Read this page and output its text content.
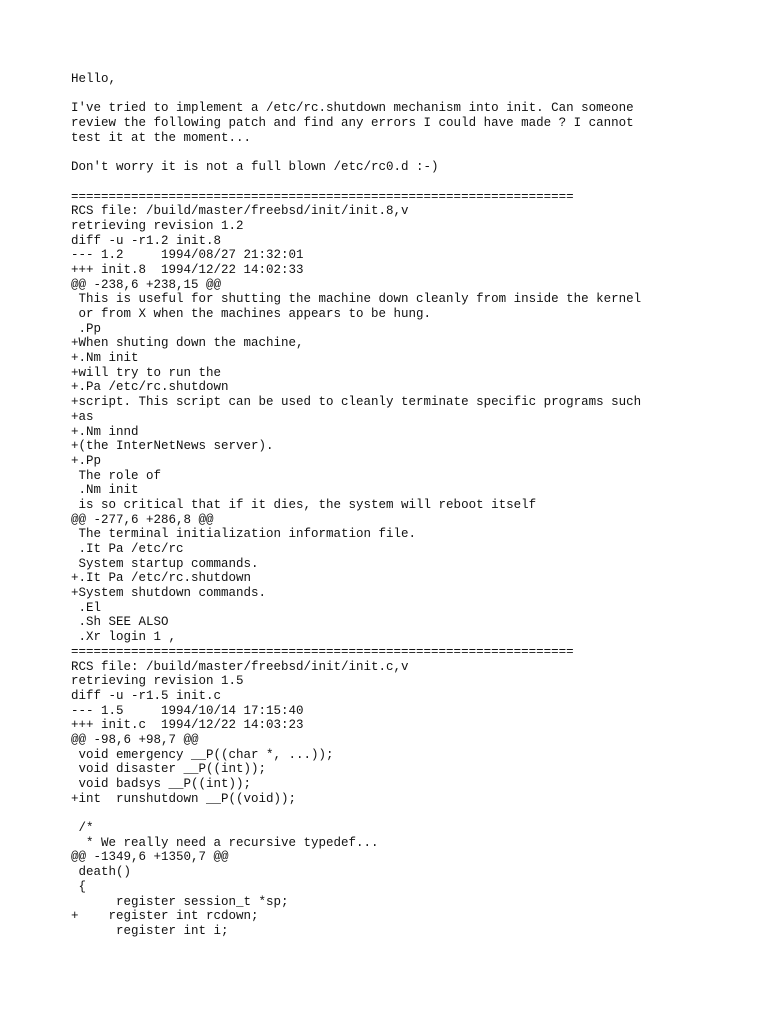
Hello,
I've tried to implement a /etc/rc.shutdown mechanism into init. Can someone
review the following patch and find any errors I could have made ? I cannot
test it at the moment...
Don't worry it is not a full blown /etc/rc0.d :-)
===================================================================
RCS file: /build/master/freebsd/init/init.8,v
retrieving revision 1.2
diff -u -r1.2 init.8
--- 1.2     1994/08/27 21:32:01
+++ init.8  1994/12/22 14:02:33
@@ -238,6 +238,15 @@
This is useful for shutting the machine down cleanly from inside the kernel
or from X when the machines appears to be hung.
.Pp
+When shuting down the machine,
+.Nm init
+will try to run the
+.Pa /etc/rc.shutdown
+script. This script can be used to cleanly terminate specific programs such
+as
+.Nm innd
+(the InterNetNews server).
+.Pp
The role of
.Nm init
is so critical that if it dies, the system will reboot itself
@@ -277,6 +286,8 @@
The terminal initialization information file.
.It Pa /etc/rc
System startup commands.
+.It Pa /etc/rc.shutdown
+System shutdown commands.
.El
.Sh SEE ALSO
.Xr login 1 ,
===================================================================
RCS file: /build/master/freebsd/init/init.c,v
retrieving revision 1.5
diff -u -r1.5 init.c
--- 1.5     1994/10/14 17:15:40
+++ init.c  1994/12/22 14:03:23
@@ -98,6 +98,7 @@
void emergency __P((char *, ...));
void disaster __P((int));
void badsys __P((int));
+int  runshutdown __P((void));
/*
* We really need a recursive typedef...
@@ -1349,6 +1350,7 @@
death()
{
register session_t *sp;
+    register int rcdown;
register int i;
